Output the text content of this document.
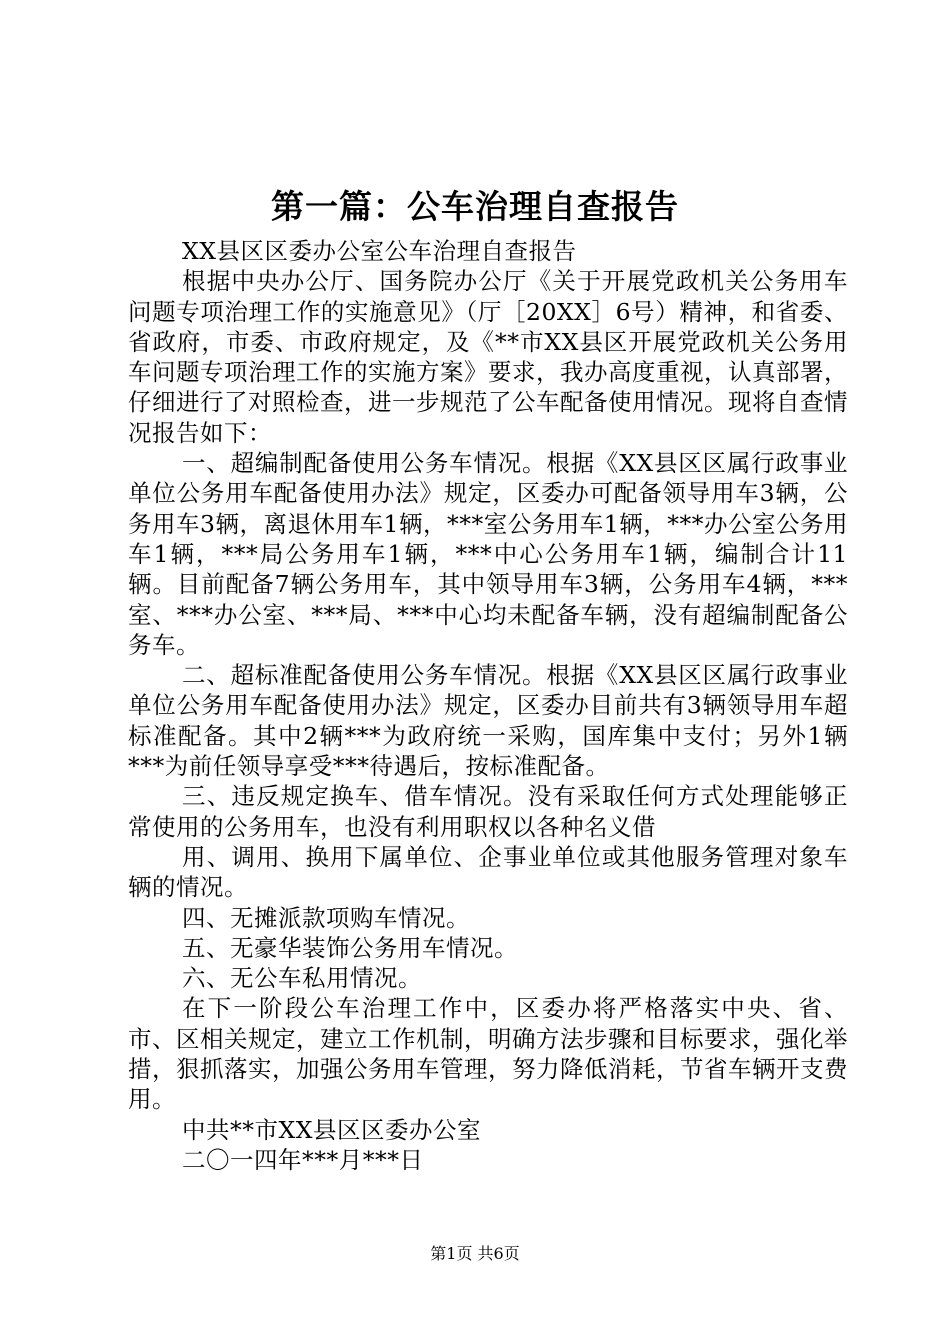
第一篇：公车治理自查报告

XX县区区委办公室公车治理自查报告

根据中央办公厅、国务院办公厅《关于开展党政机关公务用车问题专项治理工作的实施意见》（厅［20XX］6号）精神，和省委、省政府，市委、市政府规定，及《**市XX县区开展党政机关公务用车问题专项治理工作的实施方案》要求，我办高度重视，认真部署，仔细进行了对照检查，进一步规范了公车配备使用情况。现将自查情况报告如下：

一、超编制配备使用公务车情况。根据《XX县区区属行政事业单位公务用车配备使用办法》规定，区委办可配备领导用车3辆，公务用车3辆，离退休用车1辆，***室公务用车1辆，***办公室公务用车1辆，***局公务用车1辆，***中心公务用车1辆，编制合计11辆。目前配备7辆公务用车，其中领导用车3辆，公务用车4辆，***室、***办公室、***局、***中心均未配备车辆，没有超编制配备公务车。

二、超标准配备使用公务车情况。根据《XX县区区属行政事业单位公务用车配备使用办法》规定，区委办目前共有3辆领导用车超标准配备。其中2辆***为政府统一采购，国库集中支付；另外1辆***为前任领导享受***待遇后，按标准配备。

三、违反规定换车、借车情况。没有采取任何方式处理能够正常使用的公务用车，也没有利用职权以各种名义借

用、调用、换用下属单位、企事业单位或其他服务管理对象车辆的情况。

四、无摊派款项购车情况。

五、无豪华装饰公务用车情况。

六、无公车私用情况。

在下一阶段公车治理工作中，区委办将严格落实中央、省、市、区相关规定，建立工作机制，明确方法步骤和目标要求，强化举措，狠抓落实，加强公务用车管理，努力降低消耗，节省车辆开支费用。

中共**市XX县区区委办公室

二〇一四年***月***日

第1页 共6页
